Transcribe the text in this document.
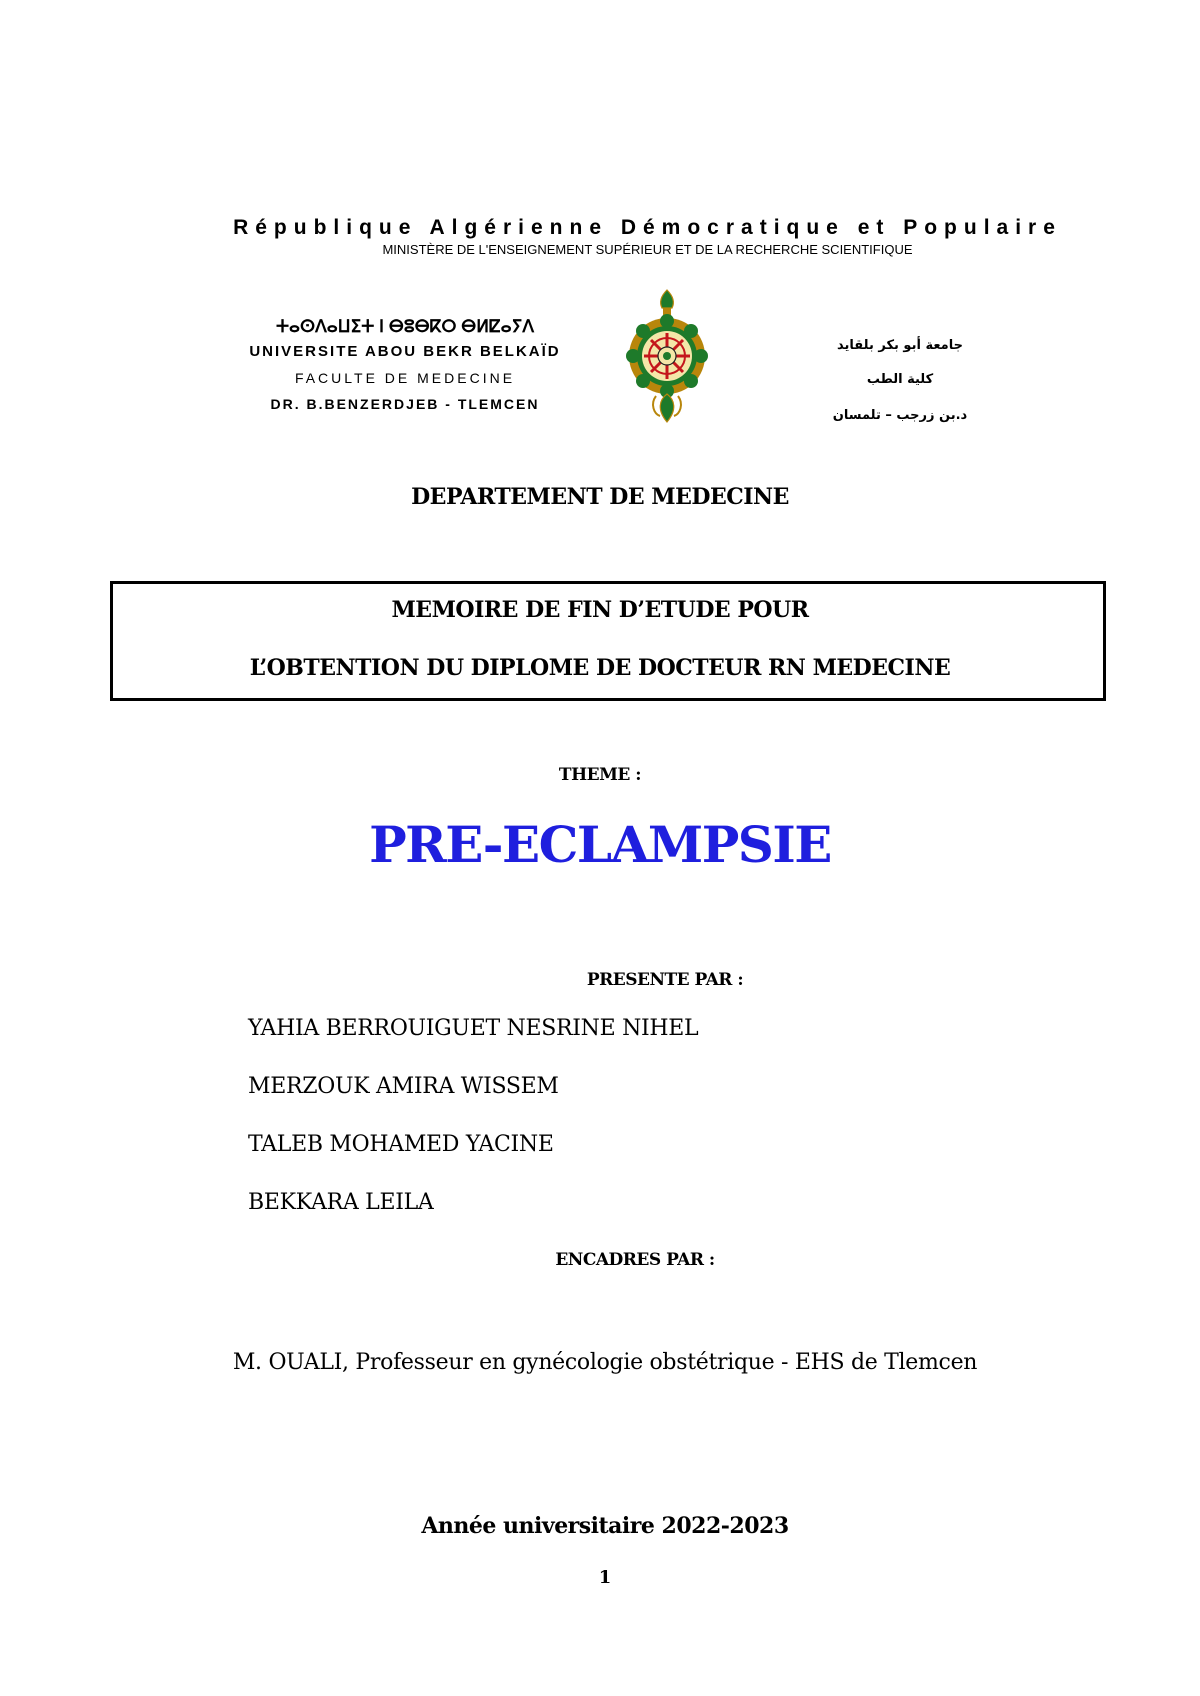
République Algérienne Démocratique et Populaire
MINISTÈRE DE L'ENSEIGNEMENT SUPÉRIEUR ET DE LA RECHERCHE SCIENTIFIQUE
ⵜⴰⵙⴷⴰⵡⵉⵜ ⵏ ⴱⵓⴱⴽⵔ ⴱⵍⵇⴰⵢⴷ
UNIVERSITE ABOU BEKR BELKAÏD
FACULTE DE MEDECINE
DR. B.BENZERDJEB - TLEMCEN
جامعة أبو بكر بلقايد
كلية الطب
د.بن زرجب – تلمسان
DEPARTEMENT DE MEDECINE
MEMOIRE DE FIN D’ETUDE POUR
L’OBTENTION DU DIPLOME DE DOCTEUR RN MEDECINE
THEME :
PRE-ECLAMPSIE
PRESENTE PAR :
YAHIA BERROUIGUET NESRINE NIHEL
MERZOUK AMIRA WISSEM
TALEB MOHAMED YACINE
BEKKARA LEILA
ENCADRES PAR :
M. OUALI, Professeur en gynécologie obstétrique - EHS de Tlemcen
Année universitaire 2022-2023
1
